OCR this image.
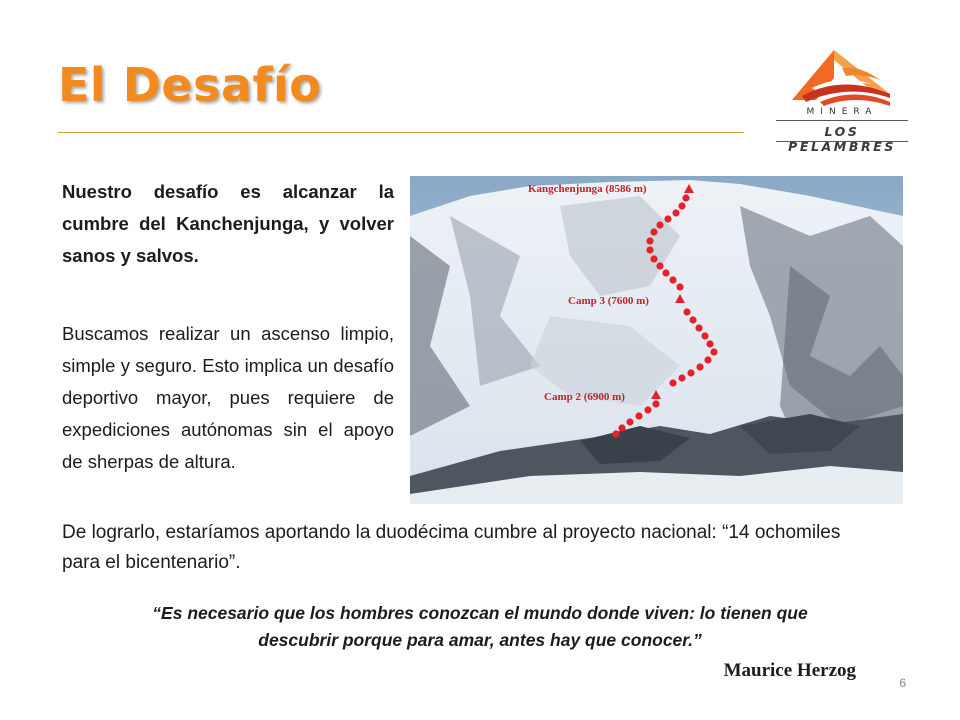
El Desafío	MINERA
LOS PELAMBRES
Nuestro desafío es alcanzar la cumbre del Kanchenjunga, y volver sanos y salvos.
Buscamos realizar un ascenso limpio, simple y seguro. Esto implica un desafío deportivo mayor, pues requiere de expediciones autónomas sin el apoyo de sherpas de altura.
Kangchenjunga (8586 m)
Camp 3 (7600 m)
Camp 2 (6900 m)
De lograrlo, estaríamos aportando la duodécima cumbre al proyecto nacional: “14 ochomiles para el bicentenario”.
“Es necesario que los hombres conozcan el mundo donde viven: lo tienen que descubrir porque para amar, antes hay que conocer.”
Maurice Herzog
6
